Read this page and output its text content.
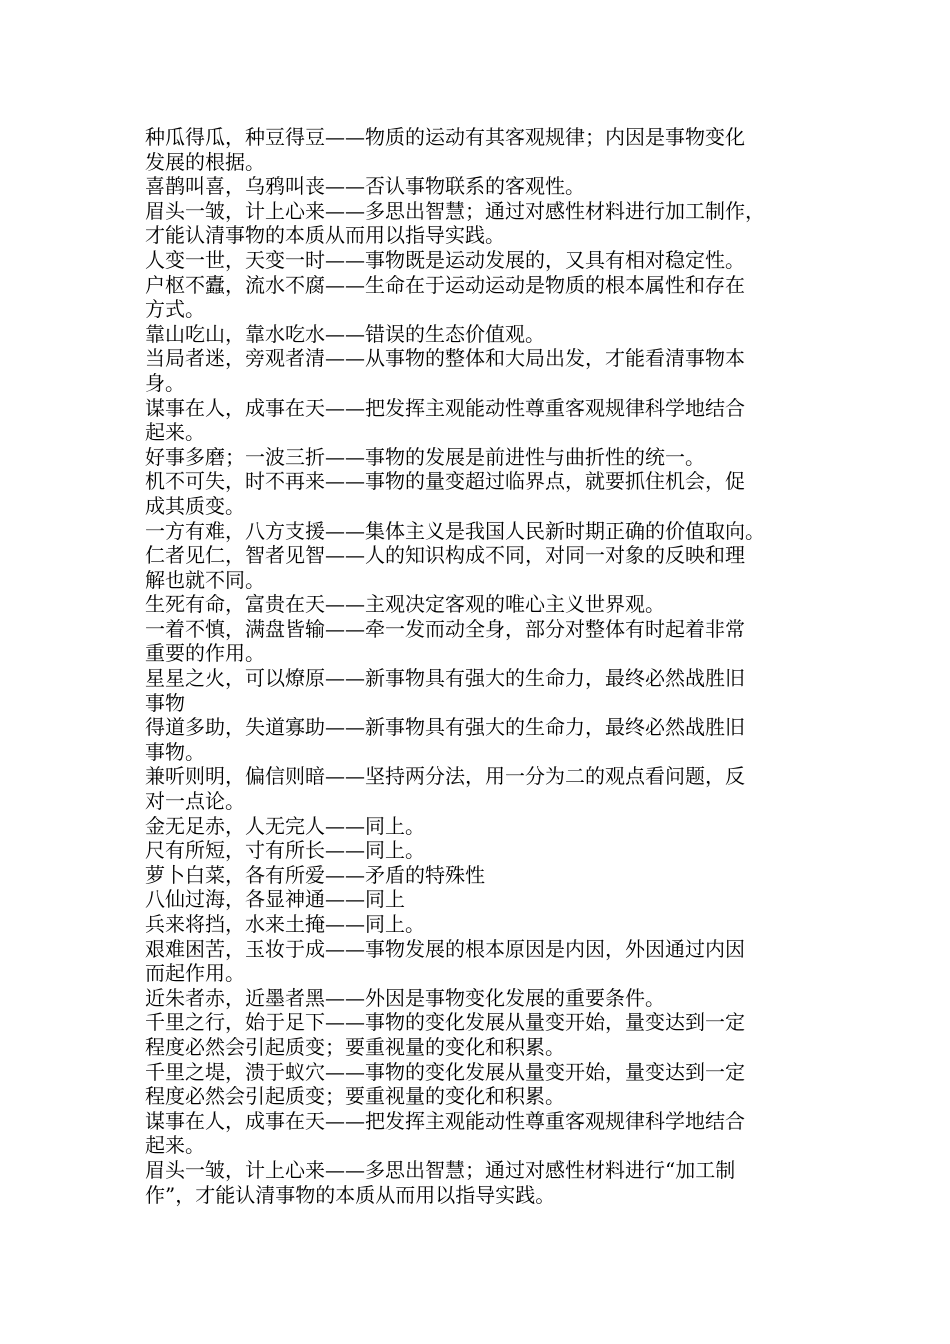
种瓜得瓜，种豆得豆——物质的运动有其客观规律；内因是事物变化
发展的根据。

喜鹊叫喜，乌鸦叫丧——否认事物联系的客观性。

眉头一皱，计上心来——多思出智慧；通过对感性材料进行加工制作，
才能认清事物的本质从而用以指导实践。

人变一世，天变一时——事物既是运动发展的，又具有相对稳定性。

户枢不蠹，流水不腐——生命在于运动运动是物质的根本属性和存在
方式。

靠山吃山，靠水吃水——错误的生态价值观。

当局者迷，旁观者清——从事物的整体和大局出发，才能看清事物本
身。

谋事在人，成事在天——把发挥主观能动性尊重客观规律科学地结合
起来。

好事多磨；一波三折——事物的发展是前进性与曲折性的统一。

机不可失，时不再来——事物的量变超过临界点，就要抓住机会，促
成其质变。

一方有难，八方支援——集体主义是我国人民新时期正确的价值取向。

仁者见仁，智者见智——人的知识构成不同，对同一对象的反映和理
解也就不同。

生死有命，富贵在天——主观决定客观的唯心主义世界观。

一着不慎，满盘皆输——牵一发而动全身，部分对整体有时起着非常
重要的作用。

星星之火，可以燎原——新事物具有强大的生命力，最终必然战胜旧
事物

得道多助，失道寡助——新事物具有强大的生命力，最终必然战胜旧
事物。

兼听则明，偏信则暗——坚持两分法，用一分为二的观点看问题，反
对一点论。

金无足赤，人无完人——同上。

尺有所短，寸有所长——同上。

萝卜白菜，各有所爱——矛盾的特殊性

八仙过海，各显神通——同上

兵来将挡，水来土掩——同上。

艰难困苦，玉妆于成——事物发展的根本原因是内因，外因通过内因
而起作用。

近朱者赤，近墨者黑——外因是事物变化发展的重要条件。

千里之行，始于足下——事物的变化发展从量变开始，量变达到一定
程度必然会引起质变；要重视量的变化和积累。

千里之堤，溃于蚁穴——事物的变化发展从量变开始，量变达到一定
程度必然会引起质变；要重视量的变化和积累。

谋事在人，成事在天——把发挥主观能动性尊重客观规律科学地结合
起来。

眉头一皱，计上心来——多思出智慧；通过对感性材料进行“加工制
作”，才能认清事物的本质从而用以指导实践。
